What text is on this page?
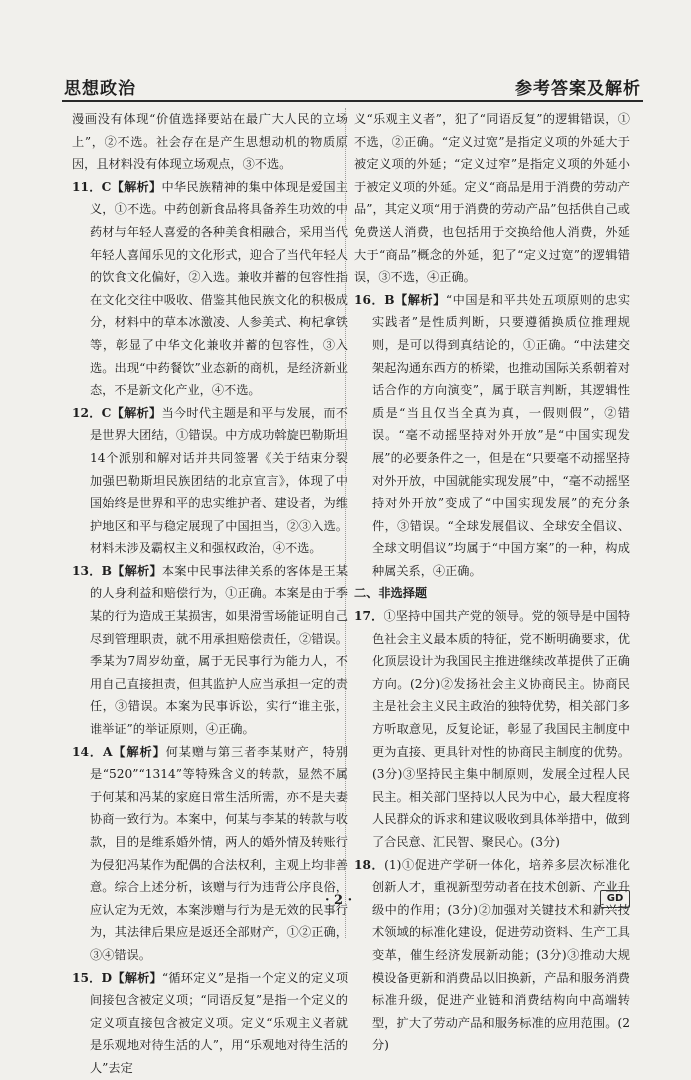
思想政治	参考答案及解析

漫画没有体现“价值选择要站在最广大人民的立场上”，②不选。社会存在是产生思想动机的物质原因，且材料没有体现立场观点，③不选。

11．C【解析】中华民族精神的集中体现是爱国主义，①不选。中药创新食品将具备养生功效的中药材与年轻人喜爱的各种美食相融合，采用当代年轻人喜闻乐见的文化形式，迎合了当代年轻人的饮食文化偏好，②入选。兼收并蓄的包容性指在文化交往中吸收、借鉴其他民族文化的积极成分，材料中的草本冰激凌、人参美式、枸杞拿铁等，彰显了中华文化兼收并蓄的包容性，③入选。出现“中药餐饮”业态新的商机，是经济新业态，不是新文化产业，④不选。

12．C【解析】当今时代主题是和平与发展，而不是世界大团结，①错误。中方成功斡旋巴勒斯坦14个派别和解对话并共同签署《关于结束分裂加强巴勒斯坦民族团结的北京宣言》，体现了中国始终是世界和平的忠实维护者、建设者，为维护地区和平与稳定展现了中国担当，②③入选。材料未涉及霸权主义和强权政治，④不选。

13．B【解析】本案中民事法律关系的客体是王某的人身利益和赔偿行为，①正确。本案是由于季某的行为造成王某损害，如果滑雪场能证明自己尽到管理职责，就不用承担赔偿责任，②错误。季某为7周岁幼童，属于无民事行为能力人，不用自己直接担责，但其监护人应当承担一定的责任，③错误。本案为民事诉讼，实行“谁主张，谁举证”的举证原则，④正确。

14．A【解析】何某赠与第三者李某财产，特别是“520”“1314”等特殊含义的转款，显然不属于何某和冯某的家庭日常生活所需，亦不是夫妻协商一致行为。本案中，何某与李某的转款与收款，目的是维系婚外情，两人的婚外情及转账行为侵犯冯某作为配偶的合法权利，主观上均非善意。综合上述分析，该赠与行为违背公序良俗，应认定为无效，本案涉赠与行为是无效的民事行为，其法律后果应是返还全部财产，①②正确，③④错误。

15．D【解析】“循环定义”是指一个定义的定义项间接包含被定义项；“同语反复”是指一个定义的定义项直接包含被定义项。定义“乐观主义者就是乐观地对待生活的人”，用“乐观地对待生活的人”去定

义“乐观主义者”，犯了“同语反复”的逻辑错误，①不选，②正确。“定义过宽”是指定义项的外延大于被定义项的外延；“定义过窄”是指定义项的外延小于被定义项的外延。定义“商品是用于消费的劳动产品”，其定义项“用于消费的劳动产品”包括供自己或免费送人消费，也包括用于交换给他人消费，外延大于“商品”概念的外延，犯了“定义过宽”的逻辑错误，③不选，④正确。

16．B【解析】“中国是和平共处五项原则的忠实实践者”是性质判断，只要遵循换质位推理规则，是可以得到真结论的，①正确。“中法建交架起沟通东西方的桥梁，也推动国际关系朝着对话合作的方向演变”，属于联言判断，其逻辑性质是“当且仅当全真为真，一假则假”，②错误。“毫不动摇坚持对外开放”是“中国实现发展”的必要条件之一，但是在“只要毫不动摇坚持对外开放，中国就能实现发展”中，“毫不动摇坚持对外开放”变成了“中国实现发展”的充分条件，③错误。“全球发展倡议、全球安全倡议、全球文明倡议”均属于“中国方案”的一种，构成种属关系，④正确。

二、非选择题

17．①坚持中国共产党的领导。党的领导是中国特色社会主义最本质的特征，党不断明确要求，优化顶层设计为我国民主推进继续改革提供了正确方向。(2分)②发扬社会主义协商民主。协商民主是社会主义民主政治的独特优势，相关部门多方听取意见，反复论证，彰显了我国民主制度中更为直接、更具针对性的协商民主制度的优势。(3分)③坚持民主集中制原则，发展全过程人民民主。相关部门坚持以人民为中心，最大程度将人民群众的诉求和建议吸收到具体举措中，做到了合民意、汇民智、聚民心。(3分)

18．(1)①促进产学研一体化，培养多层次标准化创新人才，重视新型劳动者在技术创新、产业升级中的作用；(3分)②加强对关键技术和新兴技术领域的标准化建设，促进劳动资料、生产工具变革，催生经济发展新动能；(3分)③推动大规模设备更新和消费品以旧换新，产品和服务消费标准升级，促进产业链和消费结构向中高端转型，扩大了劳动产品和服务标准的应用范围。(2分)

· 2 ·	GD
